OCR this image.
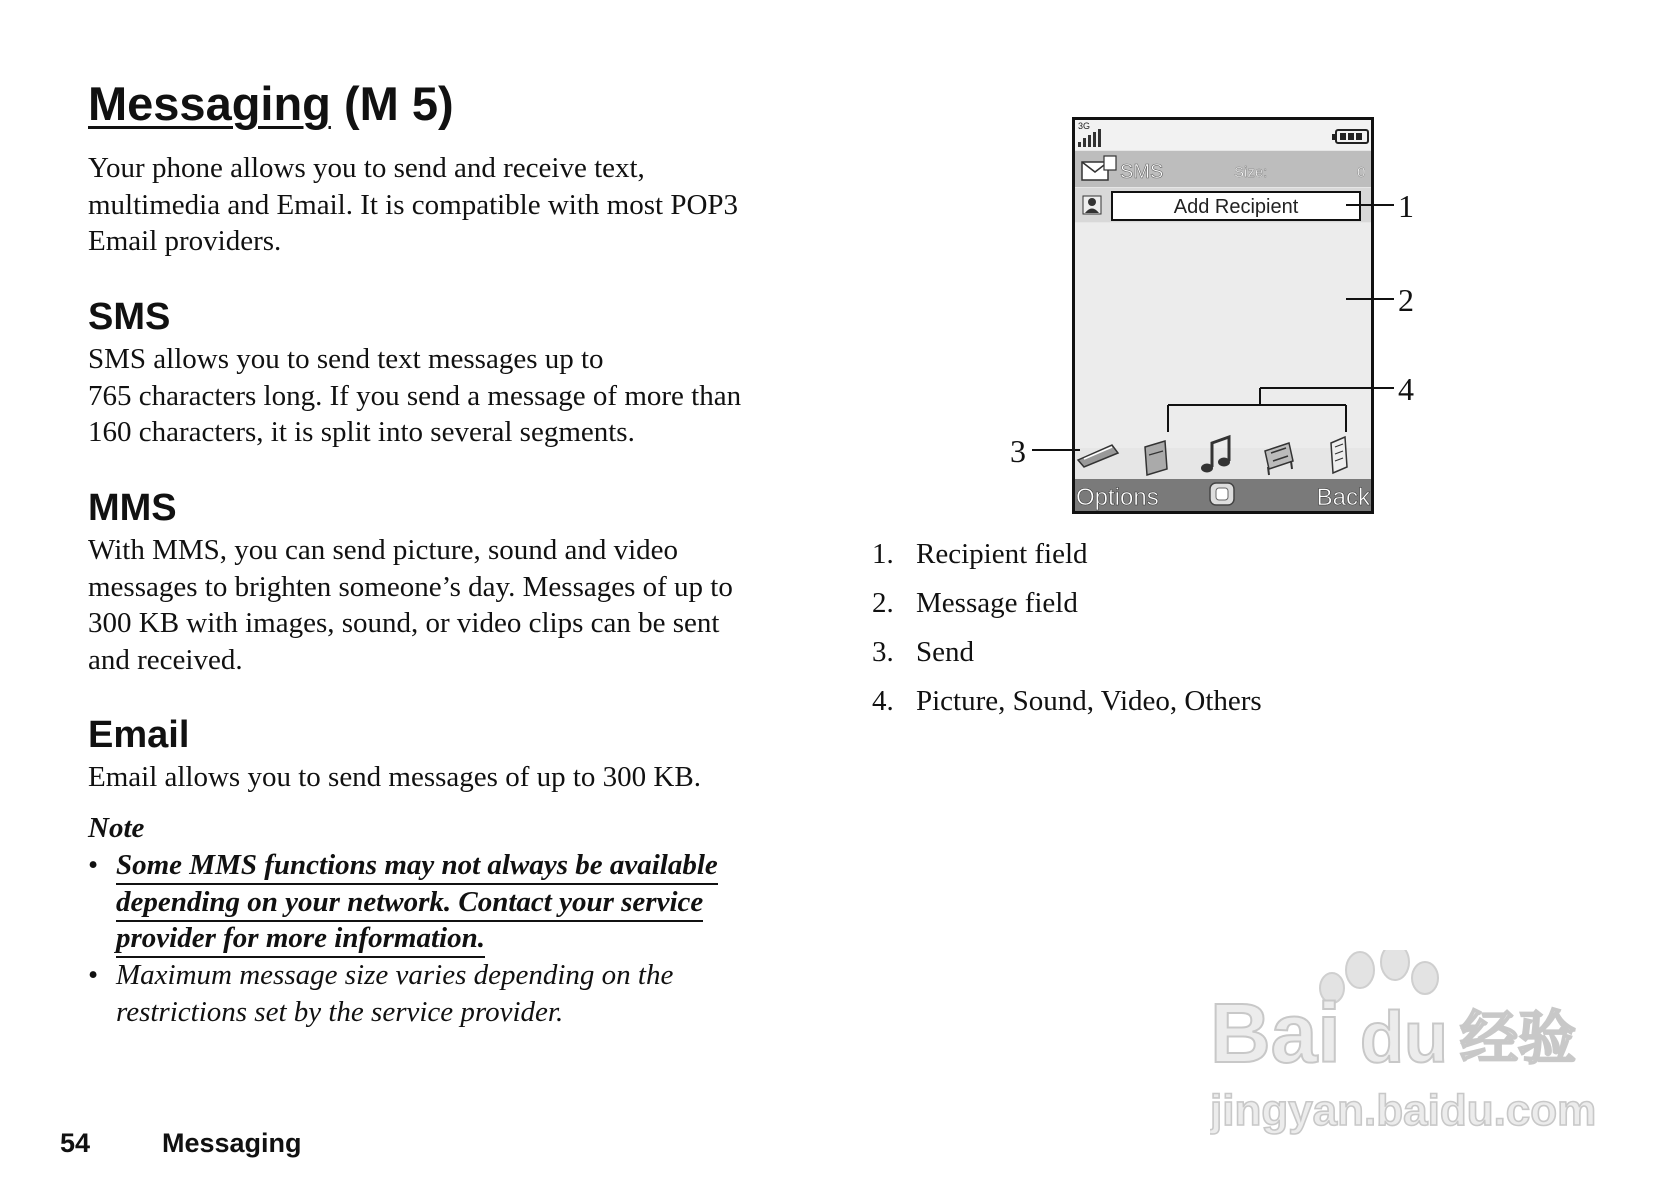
Messaging (M 5)
Your phone allows you to send and receive text,
multimedia and Email. It is compatible with most POP3
Email providers.
SMS
SMS allows you to send text messages up to
765 characters long. If you send a message of more than
160 characters, it is split into several segments.
MMS
With MMS, you can send picture, sound and video
messages to brighten someone’s day. Messages of up to
300 KB with images, sound, or video clips can be sent
and received.
Email
Email allows you to send messages of up to 300 KB.
Note
• Some MMS functions may not always be available
depending on your network. Contact your service
provider for more information.
• Maximum message size varies depending on the
restrictions set by the service provider.
3G
SMS	Size:	0
Add Recipient
Options	Back
1
2
3
4
1. Recipient field
2. Message field
3. Send
4. Picture, Sound, Video, Others
54	Messaging
Bai du 经验
jingyan.baidu.com
